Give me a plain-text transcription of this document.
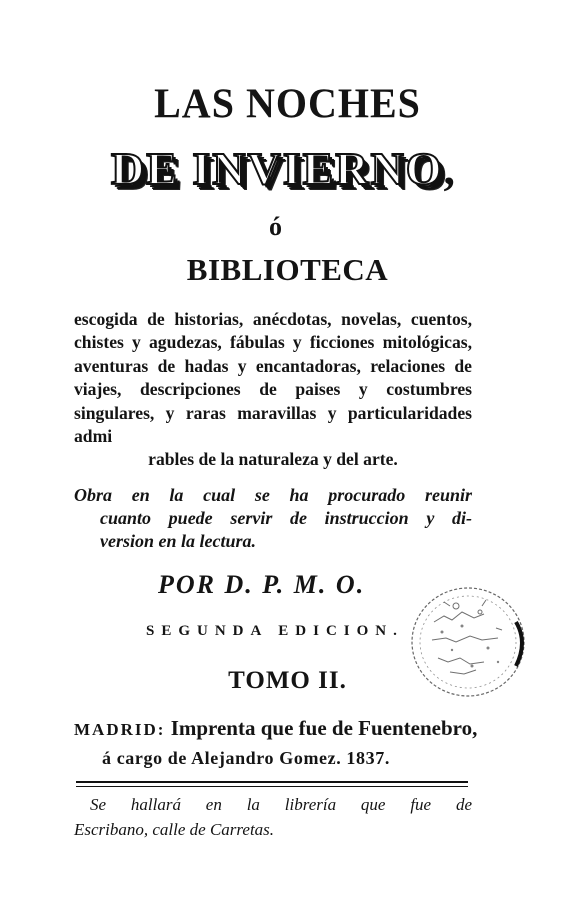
LAS NOCHES
DE INVIERNO,
ó
BIBLIOTECA
escogida de historias, anécdotas, novelas, cuentos, chistes y agudezas, fábulas y ficciones mitológicas, aventuras de hadas y encantadoras, relaciones de viajes, descripciones de paises y costumbres singulares, y raras maravillas y particularidades admi
rables de la naturaleza y del arte.
Obra en la cual se ha procurado reunir
cuanto puede servir de instruccion y di-
version en la lectura.
POR D. P. M. O.
SEGUNDA EDICION.
TOMO II.
MADRID: Imprenta que fue de Fuentenebro,
á cargo de Alejandro Gomez. 1837.
Se hallará en la librería que fue de
Escribano, calle de Carretas.
